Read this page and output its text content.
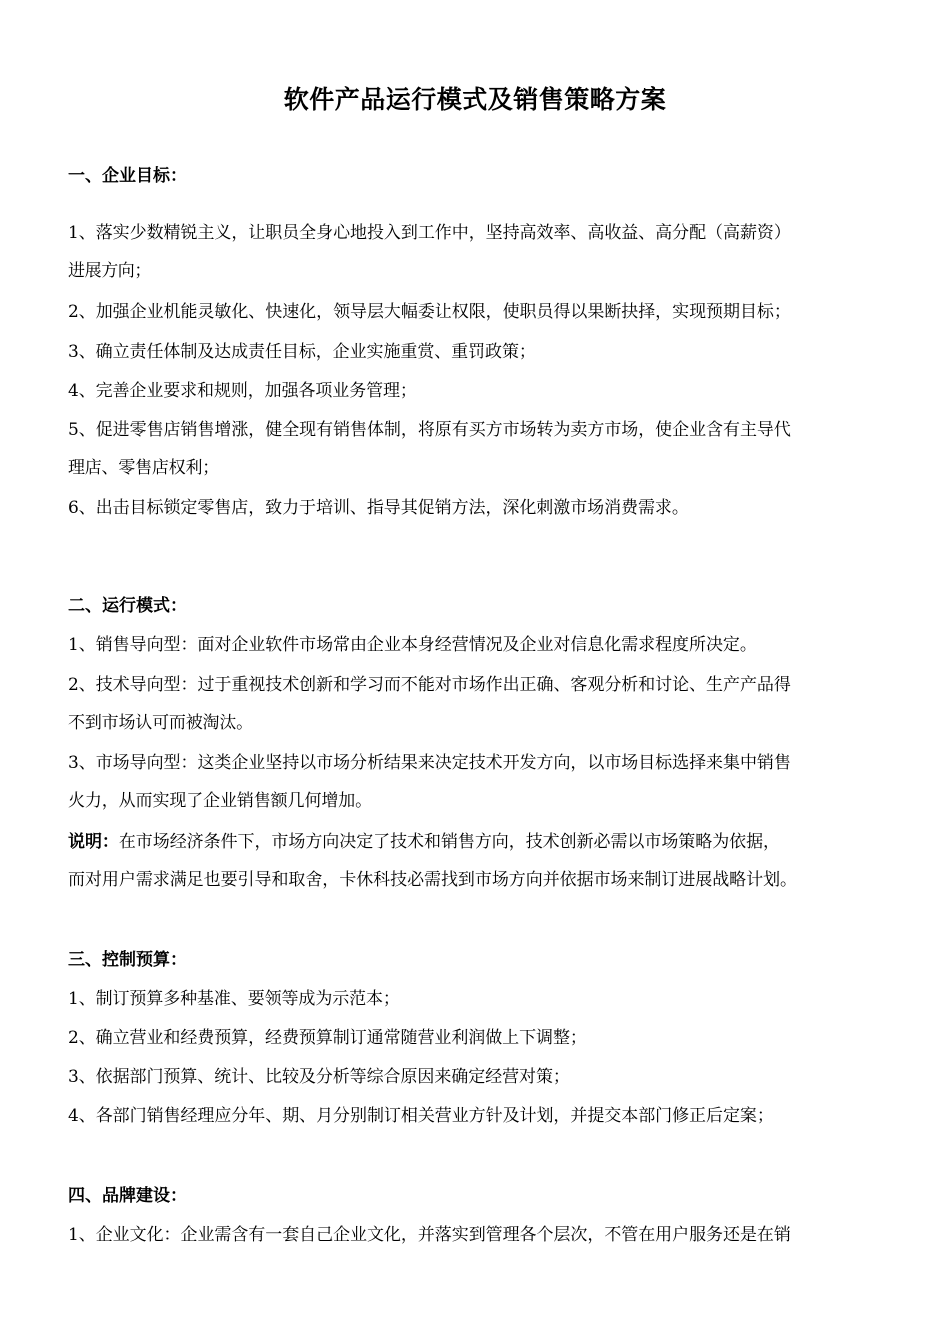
软件产品运行模式及销售策略方案
一、企业目标：
1、落实少数精锐主义，让职员全身心地投入到工作中，坚持高效率、高收益、高分配（高薪资）
进展方向；
2、加强企业机能灵敏化、快速化，领导层大幅委让权限，使职员得以果断抉择，实现预期目标；
3、确立责任体制及达成责任目标，企业实施重赏、重罚政策；
4、完善企业要求和规则，加强各项业务管理；
5、促进零售店销售增涨，健全现有销售体制，将原有买方市场转为卖方市场，使企业含有主导代
理店、零售店权利；
6、出击目标锁定零售店，致力于培训、指导其促销方法，深化刺激市场消费需求。
二、运行模式：
1、销售导向型：面对企业软件市场常由企业本身经营情况及企业对信息化需求程度所决定。
2、技术导向型：过于重视技术创新和学习而不能对市场作出正确、客观分析和讨论、生产产品得
不到市场认可而被淘汰。
3、市场导向型：这类企业坚持以市场分析结果来决定技术开发方向，以市场目标选择来集中销售
火力，从而实现了企业销售额几何增加。
说明：在市场经济条件下，市场方向决定了技术和销售方向，技术创新必需以市场策略为依据，
而对用户需求满足也要引导和取舍，卡休科技必需找到市场方向并依据市场来制订进展战略计划。
三、控制预算：
1、制订预算多种基准、要领等成为示范本；
2、确立营业和经费预算，经费预算制订通常随营业利润做上下调整；
3、依据部门预算、统计、比较及分析等综合原因来确定经营对策；
4、各部门销售经理应分年、期、月分别制订相关营业方针及计划，并提交本部门修正后定案；
四、品牌建设：
1、企业文化：企业需含有一套自己企业文化，并落实到管理各个层次，不管在用户服务还是在销
